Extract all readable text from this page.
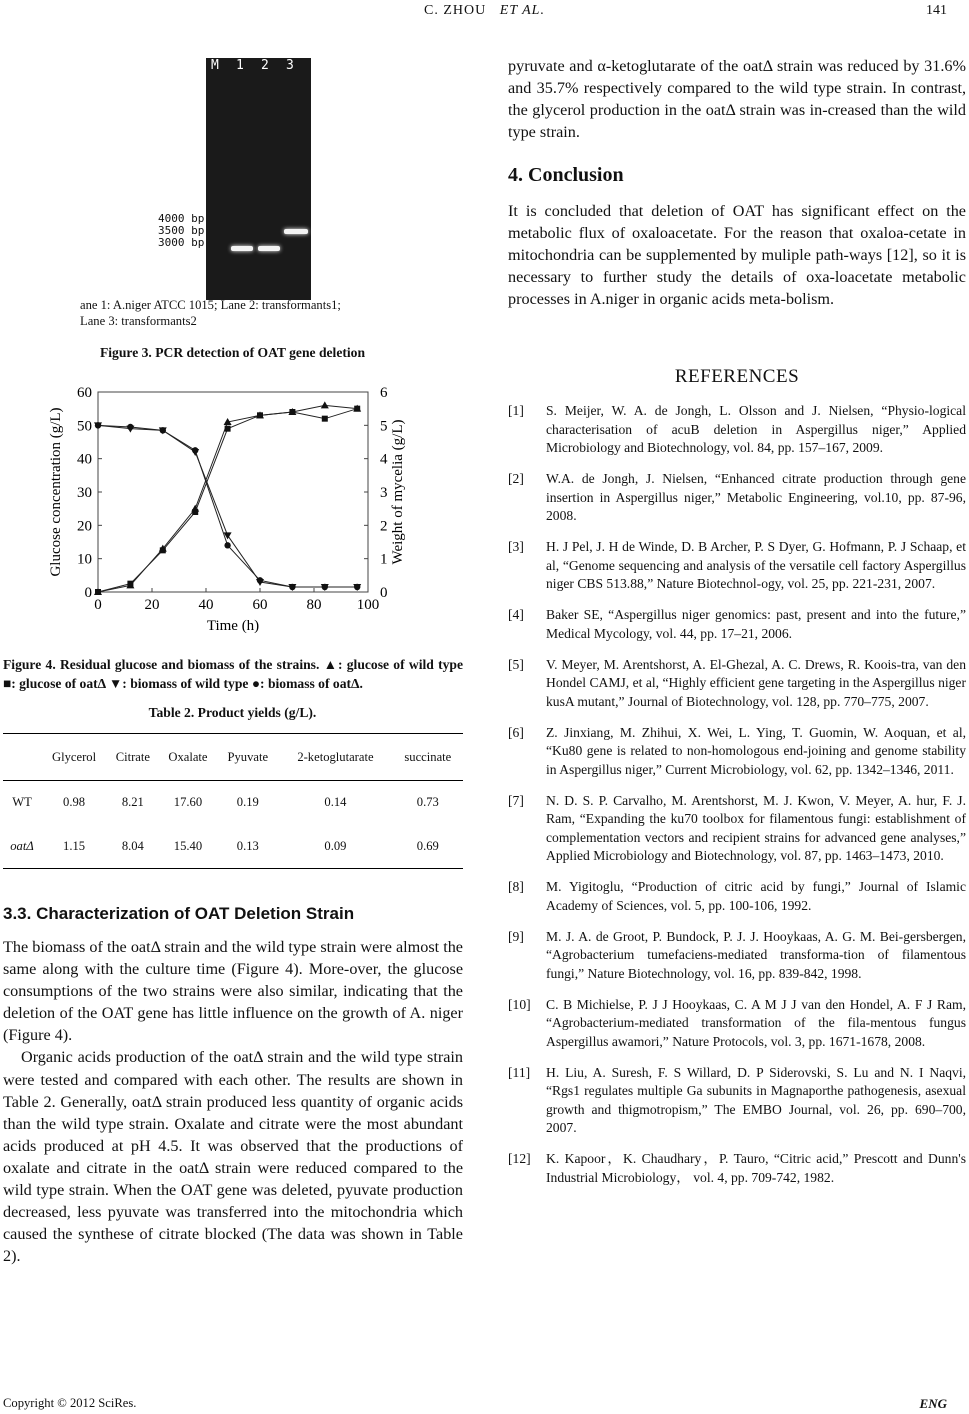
C. ZHOU ET AL.	141
4000 bp
3500 bp
3000 bp
M 1 2 3
ane 1: A.niger ATCC 1015; Lane 2: transformants1;
Lane 3: transformants2
Figure 3. PCR detection of OAT gene deletion
0	20	40	60	80 100
0
10
20
30
40
50
60
0
1
2
3
4
5
6
Time (h)
Glucose concentration (g/L)	Weight of mycelia (g/L)
Figure 4. Residual glucose and biomass of the strains. ▲: glucose of wild type ■: glucose of oatΔ ▼: biomass of wild type ●: biomass of oatΔ.
Table 2. Product yields (g/L).
	Glycerol	Citrate	Oxalate	Pyuvate	2-ketoglutarate	succinate
WT	0.98	8.21	17.60	0.19	0.14	0.73
oatΔ	1.15	8.04	15.40	0.13	0.09	0.69
3.3. Characterization of OAT Deletion Strain

The biomass of the oatΔ strain and the wild type strain were almost the same along with the culture time (Figure 4). More-over, the glucose consumptions of the two strains were also similar, indicating that the deletion of the OAT gene has little influence on the growth of A. niger (Figure 4).

Organic acids production of the oatΔ strain and the wild type strain were tested and compared with each other. The results are shown in Table 2. Generally, oatΔ strain produced less quantity of organic acids than the wild type strain. Oxalate and citrate were the most abundant acids produced at pH 4.5. It was observed that the productions of oxalate and citrate in the oatΔ strain were reduced compared to the wild type strain. When the OAT gene was deleted, pyuvate production decreased, less pyuvate was transferred into the mitochondria which caused the synthese of citrate blocked (The data was shown in Table 2).

pyruvate and α-ketoglutarate of the oatΔ strain was reduced by 31.6% and 35.7% respectively compared to the wild type strain. In contrast, the glycerol production in the oatΔ strain was in-creased than the wild type strain.
4. Conclusion
It is concluded that deletion of OAT has significant effect on the metabolic flux of oxaloacetate. For the reason that oxaloa-cetate in mitochondria can be supplemented by muliple path-ways [12], so it is necessary to further study the details of oxa-loacetate metabolic processes in A.niger in organic acids meta-bolism.
REFERENCES
[1]	S. Meijer, W. A. de Jongh, L. Olsson and J. Nielsen, “Physio-logical characterisation of acuB deletion in Aspergillus niger,” Applied Microbiology and Biotechnology, vol. 84, pp. 157–167, 2009.
[2]	W.A. de Jongh, J. Nielsen, “Enhanced citrate production through gene insertion in Aspergillus niger,” Metabolic Engineering, vol.10, pp. 87-96, 2008.
[3]	H. J Pel, J. H de Winde, D. B Archer, P. S Dyer, G. Hofmann, P. J Schaap, et al, “Genome sequencing and analysis of the versatile cell factory Aspergillus niger CBS 513.88,” Nature Biotechnol-ogy, vol. 25, pp. 221-231, 2007.
[4]	Baker SE, “Aspergillus niger genomics: past, present and into the future,” Medical Mycology, vol. 44, pp. 17–21, 2006.
[5]	V. Meyer, M. Arentshorst, A. El-Ghezal, A. C. Drews, R. Koois-tra, van den Hondel CAMJ, et al, “Highly efficient gene targeting in the Aspergillus niger kusA mutant,” Journal of Biotechnology, vol. 128, pp. 770–775, 2007.
[6]	Z. Jinxiang, M. Zhihui, X. Wei, L. Ying, T. Guomin, W. Aoquan, et al, “Ku80 gene is related to non-homologous end-joining and genome stability in Aspergillus niger,” Current Microbiology, vol. 62, pp. 1342–1346, 2011.
[7]	N. D. S. P. Carvalho, M. Arentshorst, M. J. Kwon, V. Meyer, A. hur, F. J. Ram, “Expanding the ku70 toolbox for filamentous fungi: establishment of complementation vectors and recipient strains for advanced gene analyses,” Applied Microbiology and Biotechnology, vol. 87, pp. 1463–1473, 2010.
[8]	M. Yigitoglu, “Production of citric acid by fungi,” Journal of Islamic Academy of Sciences, vol. 5, pp. 100-106, 1992.
[9]	M. J. A. de Groot, P. Bundock, P. J. J. Hooykaas, A. G. M. Bei-gersbergen, “Agrobacterium tumefaciens-mediated transforma-tion of filamentous fungi,” Nature Biotechnology, vol. 16, pp. 839-842, 1998.
[10]	C. B Michielse, P. J J Hooykaas, C. A M J J van den Hondel, A. F J Ram, “Agrobacterium-mediated transformation of the fila-mentous fungus Aspergillus awamori,” Nature Protocols, vol. 3, pp. 1671-1678, 2008.
[11]	H. Liu, A. Suresh, F. S Willard, D. P Siderovski, S. Lu and N. I Naqvi, “Rgs1 regulates multiple Ga subunits in Magnaporthe pathogenesis, asexual growth and thigmotropism,” The EMBO Journal, vol. 26, pp. 690–700, 2007.
[12]	K. Kapoor，K. Chaudhary，P. Tauro, “Citric acid,” Prescott and Dunn's Industrial Microbiology， vol. 4, pp. 709-742, 1982.
Copyright © 2012 SciRes.	ENG
